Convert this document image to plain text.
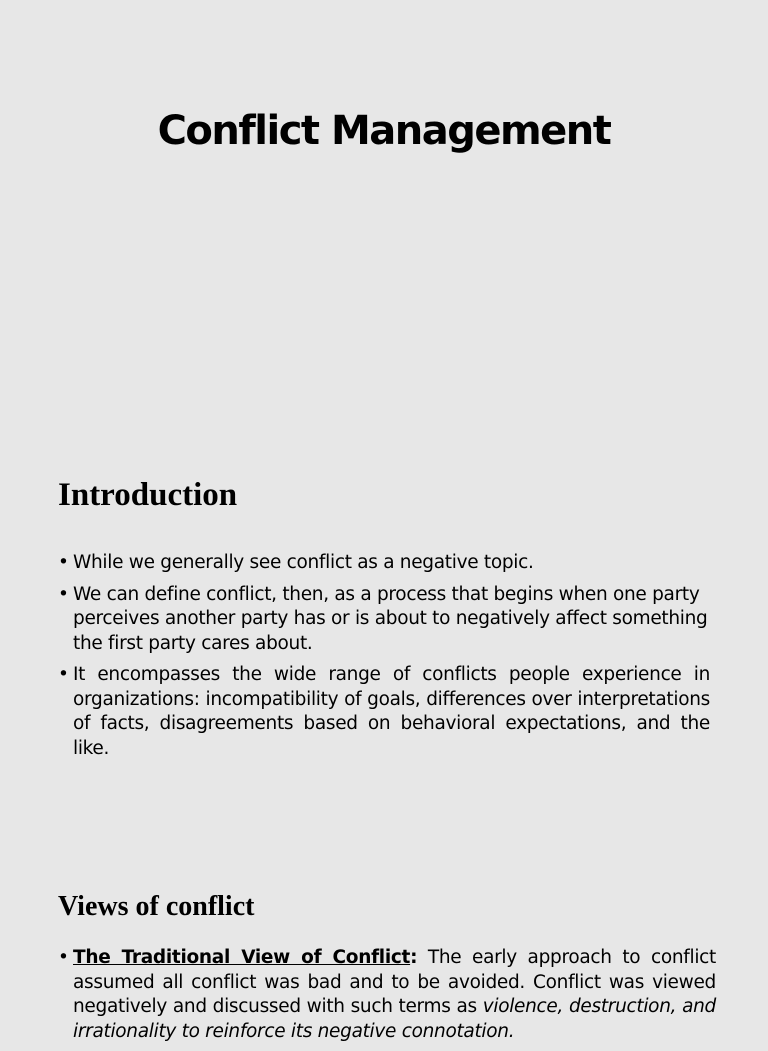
Conflict Management
Introduction
• While we generally see conflict as a negative topic.
• We can define conflict, then, as a process that begins when one party perceives another party has or is about to negatively affect something the first party cares about.
• It encompasses the wide range of conflicts people experience in organizations: incompatibility of goals, differences over interpretations of facts, disagreements based on behavioral expectations, and the like.
Views of conflict
• The Traditional View of Conflict: The early approach to conflict assumed all conflict was bad and to be avoided. Conflict was viewed negatively and discussed with such terms as violence, destruction, and irrationality to reinforce its negative connotation.
